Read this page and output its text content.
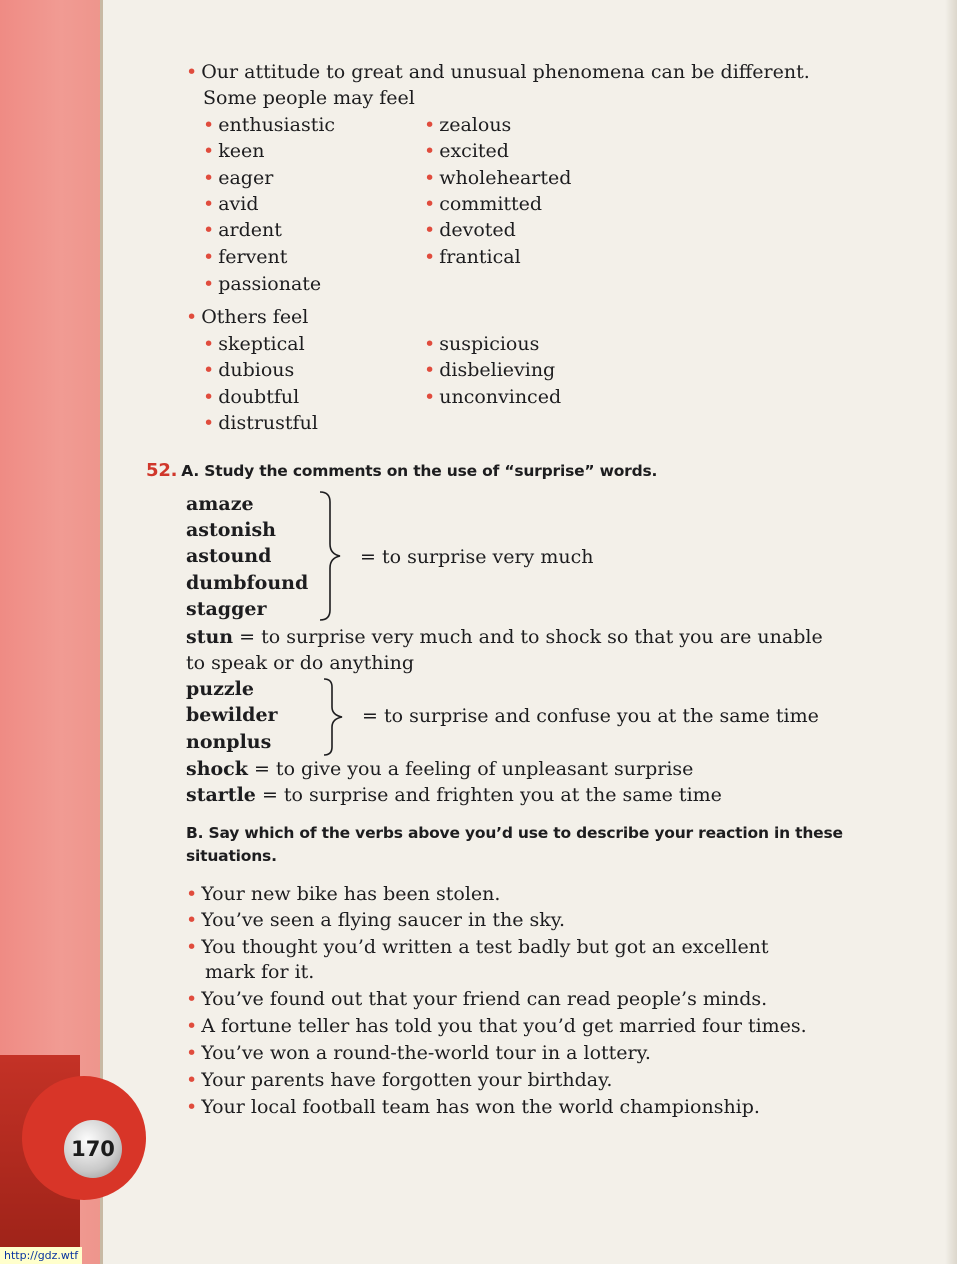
170
• Our attitude to great and unusual phenomena can be different.
Some people may feel
• enthusiastic
• keen
• eager
• avid
• ardent
• fervent
• passionate
• zealous
• excited
• wholehearted
• committed
• devoted
• frantical
• Others feel
• skeptical
• dubious
• doubtful
• distrustful
• suspicious
• disbelieving
• unconvinced
52. A. Study the comments on the use of “surprise” words.
amaze
astonish
astound
dumbfound
stagger
= to surprise very much
stun = to surprise very much and to shock so that you are unable
to speak or do anything
puzzle
bewilder
nonplus
= to surprise and confuse you at the same time
shock = to give you a feeling of unpleasant surprise
startle = to surprise and frighten you at the same time
B. Say which of the verbs above you’d use to describe your reaction in these
situations.
• Your new bike has been stolen.
• You’ve seen a flying saucer in the sky.
• You thought you’d written a test badly but got an excellent
mark for it.
• You’ve found out that your friend can read people’s minds.
• A fortune teller has told you that you’d get married four times.
• You’ve won a round-the-world tour in a lottery.
• Your parents have forgotten your birthday.
• Your local football team has won the world championship.
http://gdz.wtf
